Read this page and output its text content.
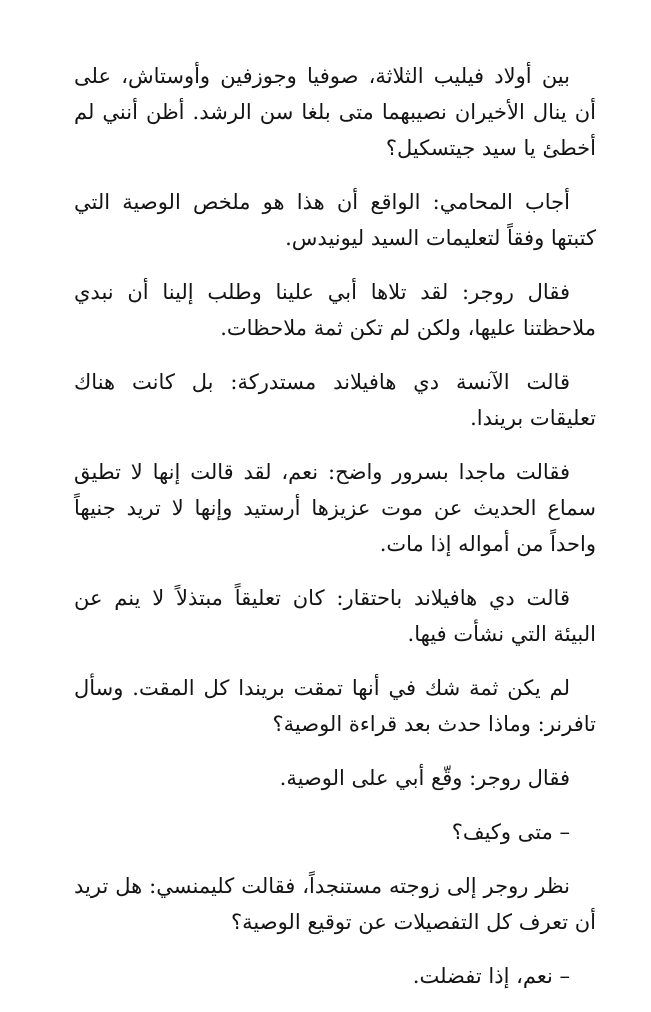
بين أولاد فيليب الثلاثة، صوفيا وجوزفين وأوستاش، على أن ينال الأخيران نصيبهما متى بلغا سن الرشد. أظن أنني لم أخطئ يا سيد جيتسكيل؟

أجاب المحامي: الواقع أن هذا هو ملخص الوصية التي كتبتها وفقاً لتعليمات السيد ليونيدس.

فقال روجر: لقد تلاها أبي علينا وطلب إلينا أن نبدي ملاحظتنا عليها، ولكن لم تكن ثمة ملاحظات.

قالت الآنسة دي هافيلاند مستدركة: بل كانت هناك تعليقات بريندا.

فقالت ماجدا بسرور واضح: نعم، لقد قالت إنها لا تطيق سماع الحديث عن موت عزيزها أرستيد وإنها لا تريد جنيهاً واحداً من أمواله إذا مات.

قالت دي هافيلاند باحتقار: كان تعليقاً مبتذلاً لا ينم عن البيئة التي نشأت فيها.

لم يكن ثمة شك في أنها تمقت بريندا كل المقت. وسأل تافرنر: وماذا حدث بعد قراءة الوصية؟

فقال روجر: وقّع أبي على الوصية.

– متى وكيف؟

نظر روجر إلى زوجته مستنجداً، فقالت كليمنسي: هل تريد أن تعرف كل التفصيلات عن توقيع الوصية؟

– نعم، إذا تفضلت.
